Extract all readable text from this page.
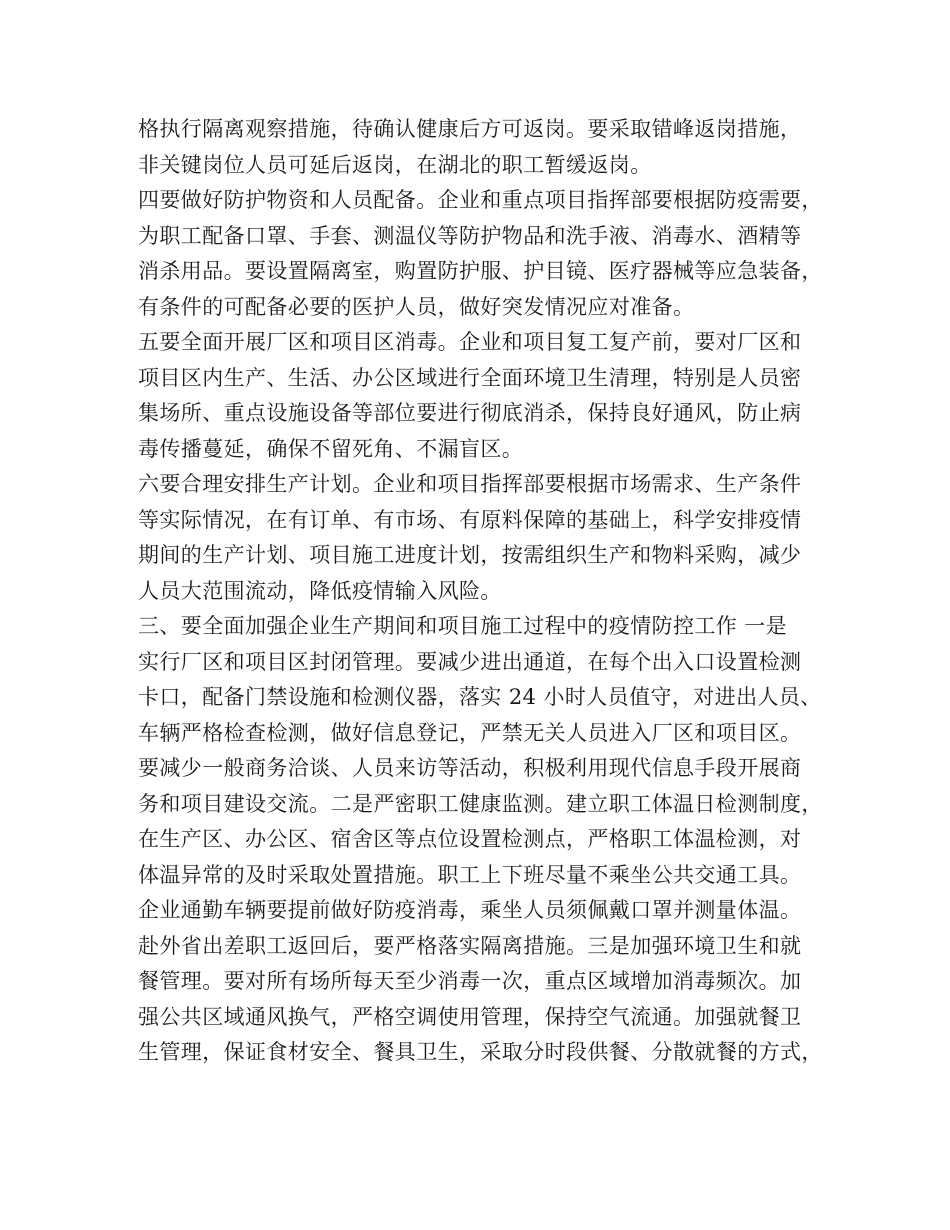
格执行隔离观察措施，待确认健康后方可返岗。要采取错峰返岗措施，
非关键岗位人员可延后返岗，在湖北的职工暂缓返岗。
四要做好防护物资和人员配备。企业和重点项目指挥部要根据防疫需要，
为职工配备口罩、手套、测温仪等防护物品和洗手液、消毒水、酒精等
消杀用品。要设置隔离室，购置防护服、护目镜、医疗器械等应急装备，
有条件的可配备必要的医护人员，做好突发情况应对准备。
五要全面开展厂区和项目区消毒。企业和项目复工复产前，要对厂区和
项目区内生产、生活、办公区域进行全面环境卫生清理，特别是人员密
集场所、重点设施设备等部位要进行彻底消杀，保持良好通风，防止病
毒传播蔓延，确保不留死角、不漏盲区。
六要合理安排生产计划。企业和项目指挥部要根据市场需求、生产条件
等实际情况，在有订单、有市场、有原料保障的基础上，科学安排疫情
期间的生产计划、项目施工进度计划，按需组织生产和物料采购，减少
人员大范围流动，降低疫情输入风险。
三、要全面加强企业生产期间和项目施工过程中的疫情防控工作 一是
实行厂区和项目区封闭管理。要减少进出通道，在每个出入口设置检测
卡口，配备门禁设施和检测仪器，落实 24 小时人员值守，对进出人员、
车辆严格检查检测，做好信息登记，严禁无关人员进入厂区和项目区。
要减少一般商务洽谈、人员来访等活动，积极利用现代信息手段开展商
务和项目建设交流。二是严密职工健康监测。建立职工体温日检测制度，
在生产区、办公区、宿舍区等点位设置检测点，严格职工体温检测，对
体温异常的及时采取处置措施。职工上下班尽量不乘坐公共交通工具。
企业通勤车辆要提前做好防疫消毒，乘坐人员须佩戴口罩并测量体温。
赴外省出差职工返回后，要严格落实隔离措施。三是加强环境卫生和就
餐管理。要对所有场所每天至少消毒一次，重点区域增加消毒频次。加
强公共区域通风换气，严格空调使用管理，保持空气流通。加强就餐卫
生管理，保证食材安全、餐具卫生，采取分时段供餐、分散就餐的方式，
